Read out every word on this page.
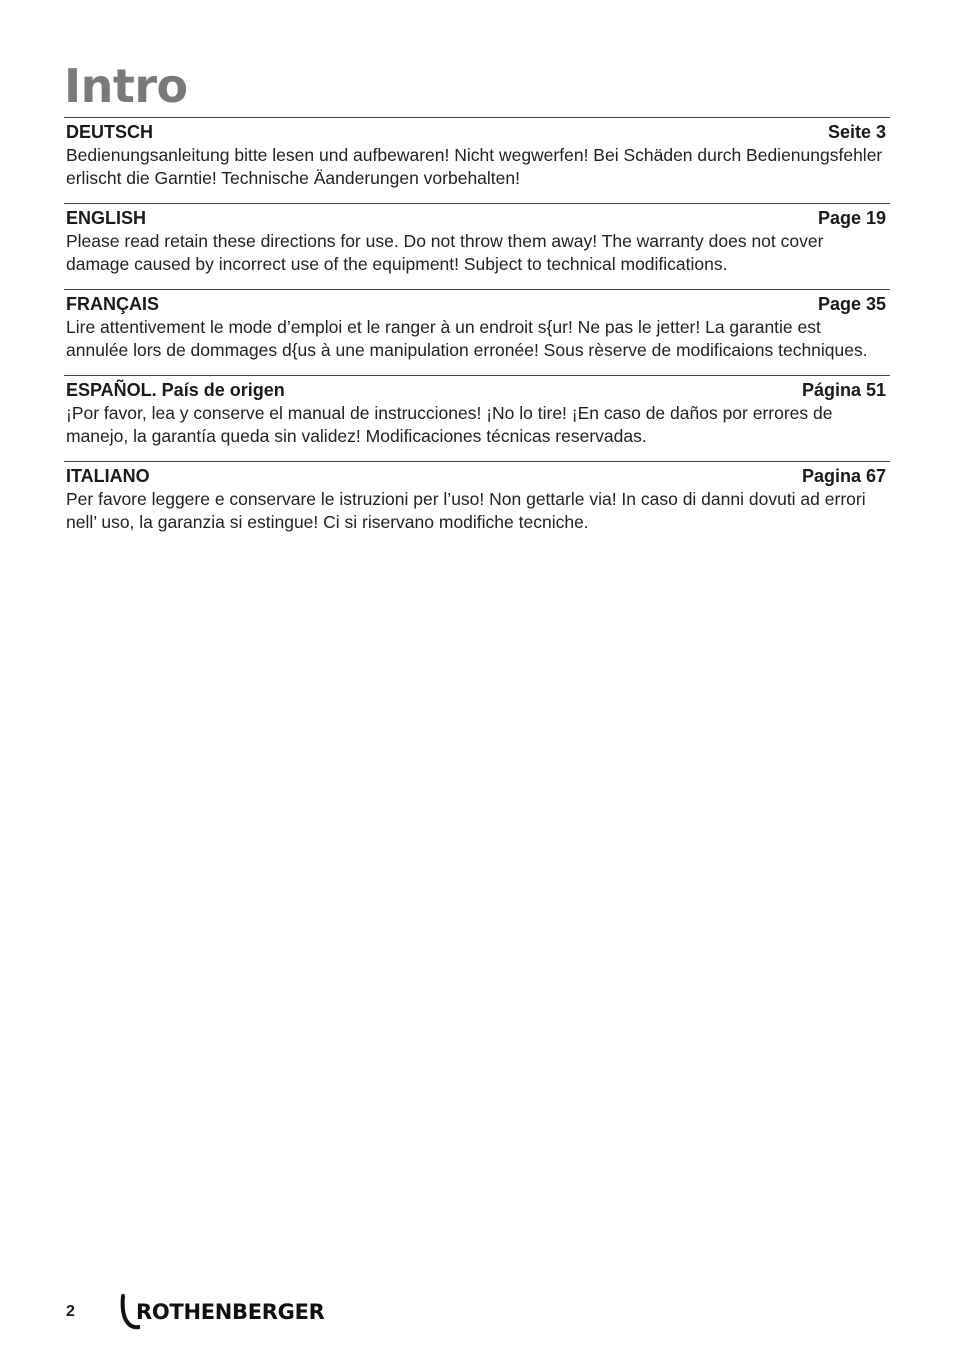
Intro
DEUTSCH	Seite 3

Bedienungsanleitung bitte lesen und aufbewaren! Nicht wegwerfen! Bei Schäden durch Bedienungsfehler erlischt die Garntie! Technische Äanderungen vorbehalten!

ENGLISH	Page 19

Please read retain these directions for use. Do not throw them away! The warranty does not cover damage caused by incorrect use of the equipment! Subject to technical modifications.

FRANÇAIS	Page 35

Lire attentivement le mode d’emploi et le ranger à un endroit s{ur! Ne pas le jetter! La garantie est annulée lors de dommages d{us à une manipulation erronée! Sous rèserve de modificaions techniques.

ESPAÑOL. País de origen	Página 51

¡Por favor, lea y conserve el manual de instrucciones! ¡No lo tire! ¡En caso de daños por errores de manejo, la garantía queda sin validez! Modificaciones técnicas reservadas.

ITALIANO	Pagina 67

Per favore leggere e conservare le istruzioni per l’uso! Non gettarle via! In caso di danni dovuti ad errori nell’ uso, la garanzia si estingue! Ci si riservano modifiche tecniche.

2	ROTHENBERGER
